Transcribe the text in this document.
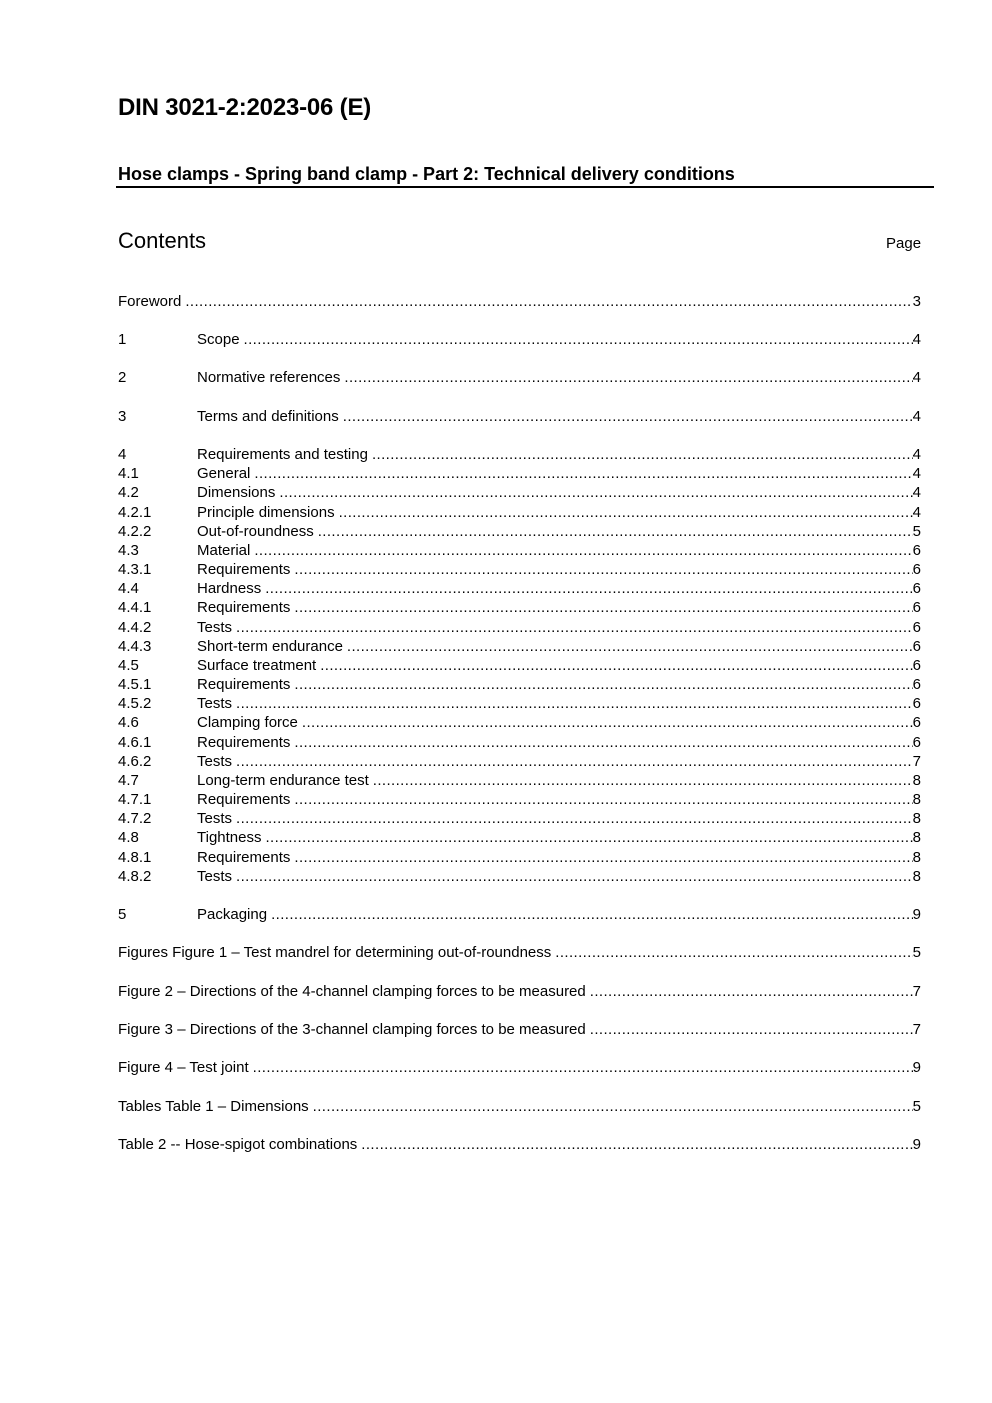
DIN 3021-2:2023-06 (E)
Hose clamps - Spring band clamp - Part 2: Technical delivery conditions
Contents	Page
Foreword .....	3
1	Scope .....	4
2	Normative references .....	4
3	Terms and definitions .....	4
4	Requirements and testing .....	4
4.1	General .....	4
4.2	Dimensions .....	4
4.2.1	Principle dimensions .....	4
4.2.2	Out-of-roundness .....	5
4.3	Material .....	6
4.3.1	Requirements .....	6
4.4	Hardness .....	6
4.4.1	Requirements .....	6
4.4.2	Tests .....	6
4.4.3	Short-term endurance .....	6
4.5	Surface treatment .....	6
4.5.1	Requirements .....	6
4.5.2	Tests .....	6
4.6	Clamping force .....	6
4.6.1	Requirements .....	6
4.6.2	Tests .....	7
4.7	Long-term endurance test .....	8
4.7.1	Requirements .....	8
4.7.2	Tests .....	8
4.8	Tightness .....	8
4.8.1	Requirements .....	8
4.8.2	Tests .....	8
5	Packaging .....	9
Figures Figure 1 – Test mandrel for determining out-of-roundness .....	5
Figure 2 – Directions of the 4-channel clamping forces to be measured .....	7
Figure 3 – Directions of the 3-channel clamping forces to be measured .....	7
Figure 4 – Test joint .....	9
Tables Table 1 – Dimensions .....	5
Table 2 -- Hose-spigot combinations .....	9
